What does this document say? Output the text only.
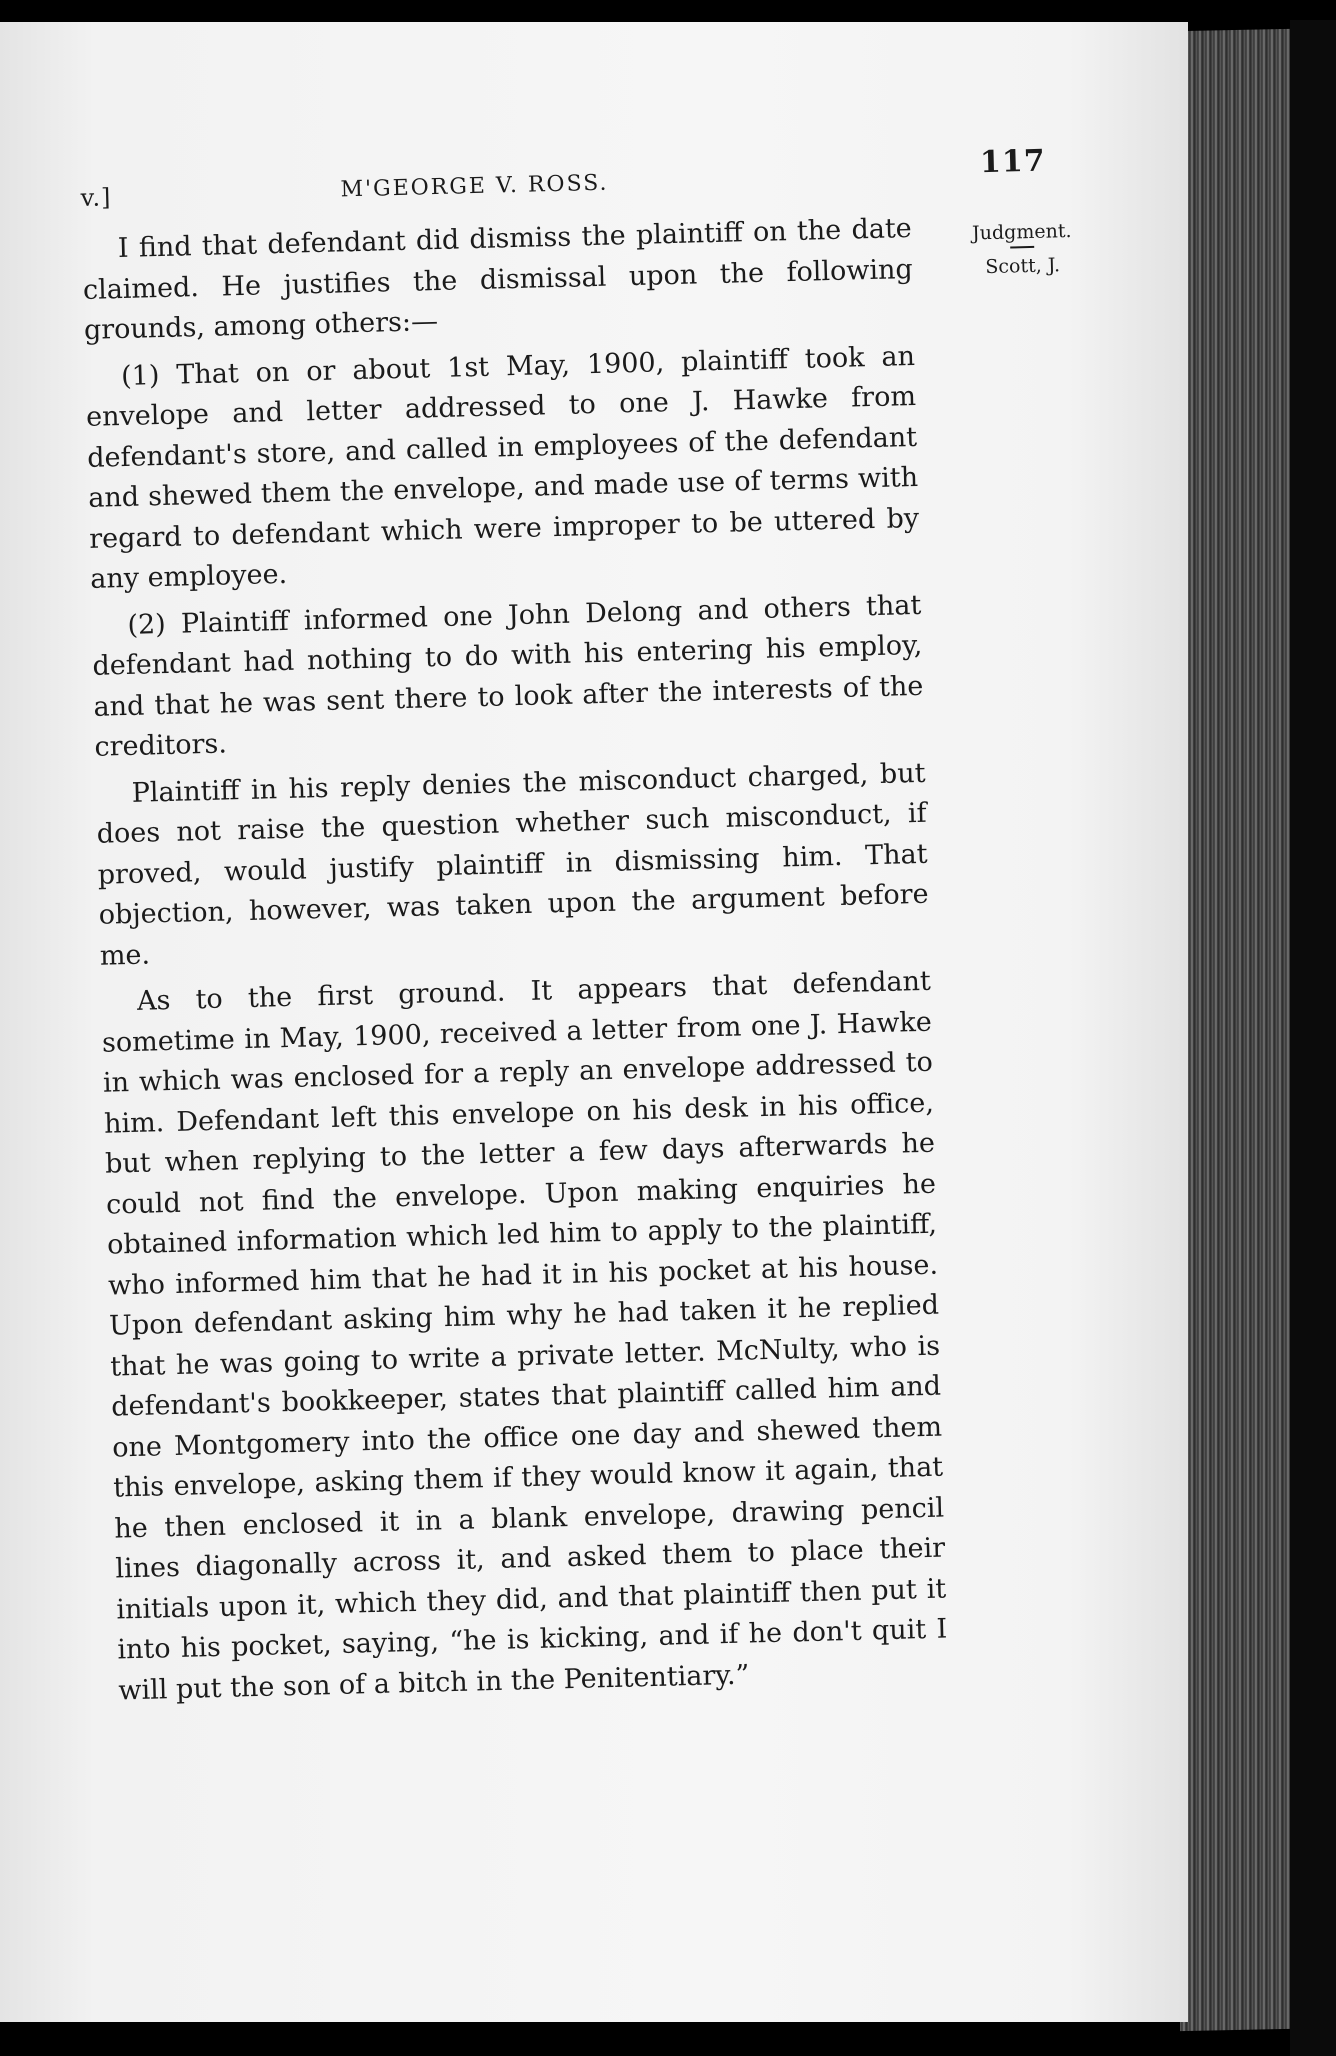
v.]	M'GEORGE V. ROSS.
117
Judgment.
Scott, J.

I find that defendant did dismiss the plaintiff on the date claimed. He justifies the dismissal upon the following grounds, among others:—

(1) That on or about 1st May, 1900, plaintiff took an envelope and letter addressed to one J. Hawke from defendant's store, and called in employees of the defendant and shewed them the envelope, and made use of terms with regard to defendant which were improper to be uttered by any employee.

(2) Plaintiff informed one John Delong and others that defendant had nothing to do with his entering his employ, and that he was sent there to look after the interests of the creditors.

Plaintiff in his reply denies the misconduct charged, but does not raise the question whether such misconduct, if proved, would justify plaintiff in dismissing him. That objection, however, was taken upon the argument before me.

As to the first ground. It appears that defendant sometime in May, 1900, received a letter from one J. Hawke in which was enclosed for a reply an envelope addressed to him. Defendant left this envelope on his desk in his office, but when replying to the letter a few days afterwards he could not find the envelope. Upon making enquiries he obtained information which led him to apply to the plaintiff, who informed him that he had it in his pocket at his house. Upon defendant asking him why he had taken it he replied that he was going to write a private letter. McNulty, who is defendant's bookkeeper, states that plaintiff called him and one Montgomery into the office one day and shewed them this envelope, asking them if they would know it again, that he then enclosed it in a blank envelope, drawing pencil lines diagonally across it, and asked them to place their initials upon it, which they did, and that plaintiff then put it into his pocket, saying, “he is kicking, and if he don't quit I will put the son of a bitch in the Penitentiary.”
